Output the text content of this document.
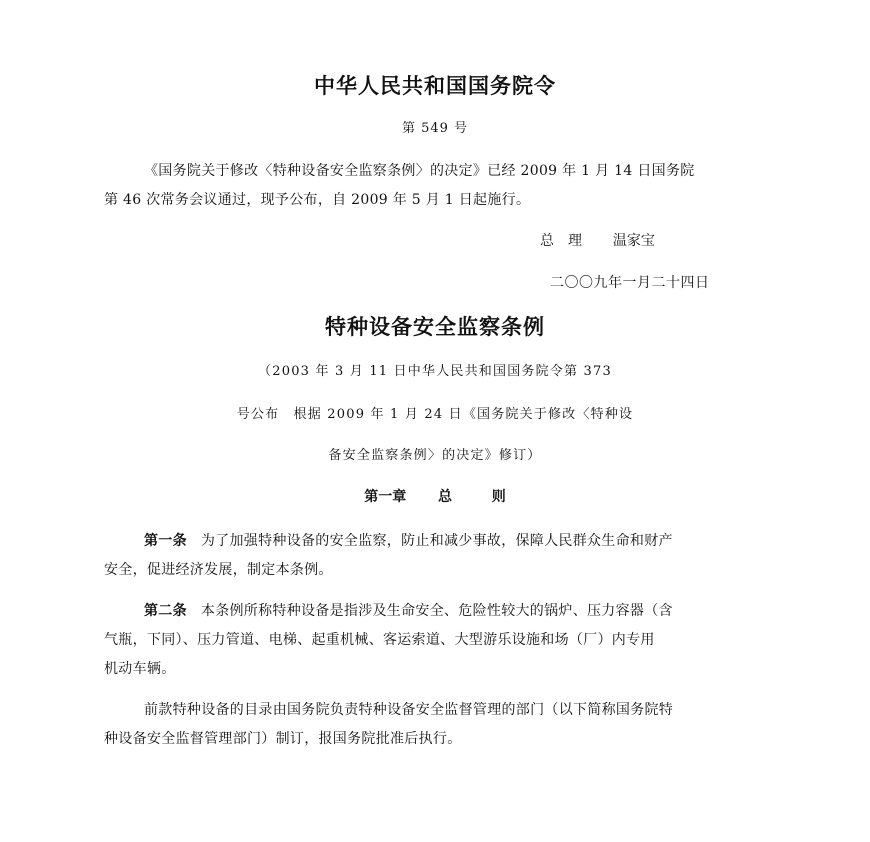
中华人民共和国国务院令
第 549 号
《国务院关于修改〈特种设备安全监察条例〉的决定》已经 2009 年 1 月 14 日国务院
第 46 次常务会议通过，现予公布，自 2009 年 5 月 1 日起施行。
总　理 温家宝
二〇〇九年一月二十四日
特种设备安全监察条例
（2003 年 3 月 11 日中华人民共和国国务院令第 373
号公布　根据 2009 年 1 月 24 日《国务院关于修改〈特种设
备安全监察条例〉的决定》修订）
第一章 总	则
第一条 为了加强特种设备的安全监察，防止和减少事故，保障人民群众生命和财产
安全，促进经济发展，制定本条例。
第二条 本条例所称特种设备是指涉及生命安全、危险性较大的锅炉、压力容器（含
气瓶，下同）、压力管道、电梯、起重机械、客运索道、大型游乐设施和场（厂）内专用
机动车辆。
前款特种设备的目录由国务院负责特种设备安全监督管理的部门（以下简称国务院特
种设备安全监督管理部门）制订，报国务院批准后执行。
